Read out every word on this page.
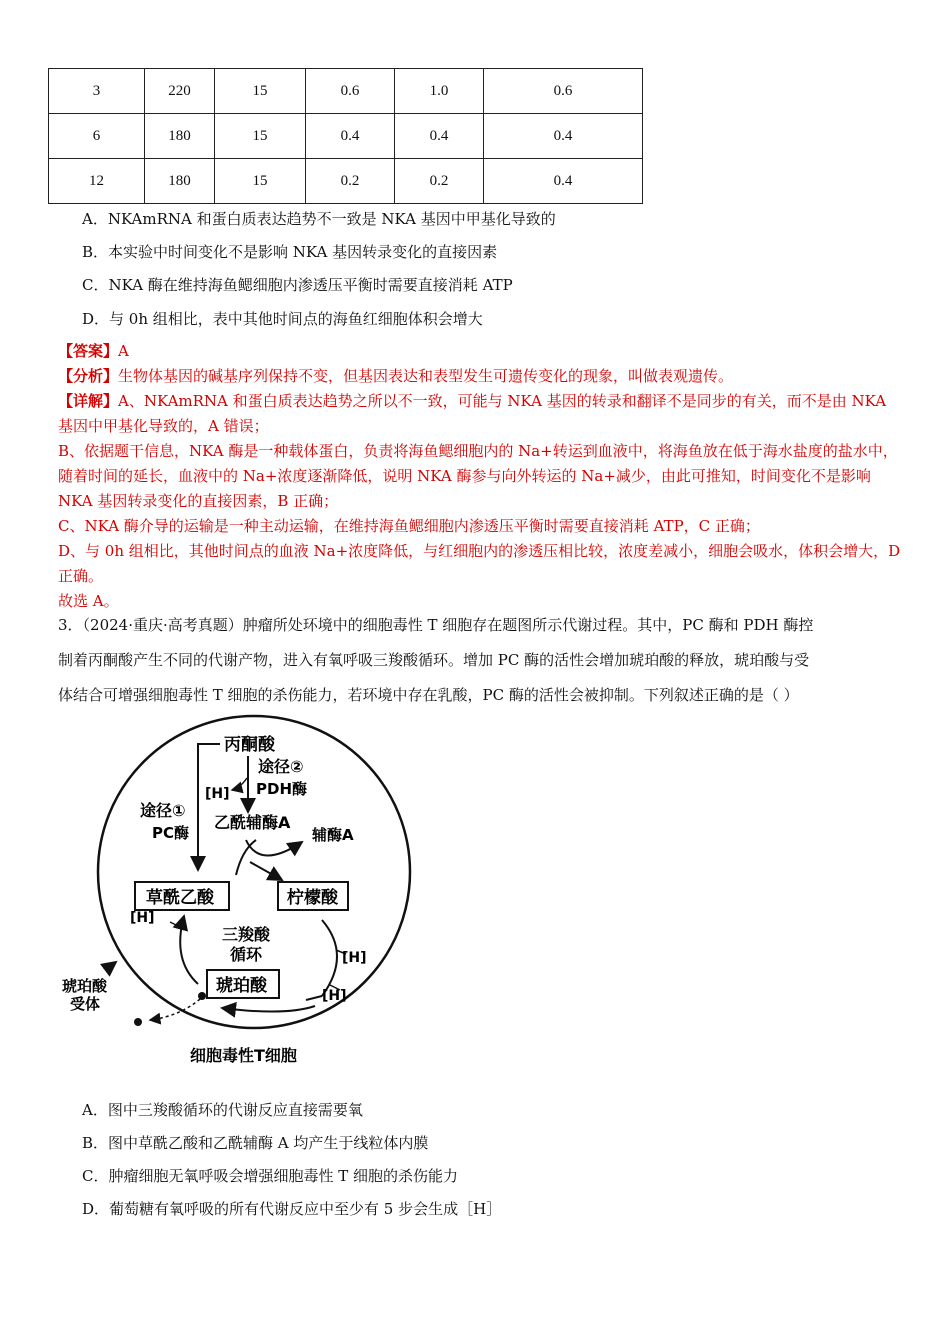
3	220	15	0.6	1.0	0.6
6	180	15	0.4	0.4	0.4
12	180	15	0.2	0.2	0.4
A．NKAmRNA 和蛋白质表达趋势不一致是 NKA 基因中甲基化导致的
B．本实验中时间变化不是影响 NKA 基因转录变化的直接因素
C．NKA 酶在维持海鱼鳃细胞内渗透压平衡时需要直接消耗 ATP
D．与 0h 组相比，表中其他时间点的海鱼红细胞体积会增大
【答案】A
【分析】生物体基因的碱基序列保持不变，但基因表达和表型发生可遗传变化的现象，叫做表观遗传。
【详解】A、NKAmRNA 和蛋白质表达趋势之所以不一致，可能与 NKA 基因的转录和翻译不是同步的有关，而不是由 NKA 基因中甲基化导致的，A 错误；
B、依据题干信息，NKA 酶是一种载体蛋白，负责将海鱼鳃细胞内的 Na+转运到血液中，将海鱼放在低于海水盐度的盐水中，随着时间的延长，血液中的 Na+浓度逐渐降低，说明 NKA 酶参与向外转运的 Na+减少，由此可推知，时间变化不是影响 NKA 基因转录变化的直接因素，B 正确；
C、NKA 酶介导的运输是一种主动运输，在维持海鱼鳃细胞内渗透压平衡时需要直接消耗 ATP，C 正确；
D、与 0h 组相比，其他时间点的血液 Na+浓度降低，与红细胞内的渗透压相比较，浓度差减小，细胞会吸水，体积会增大，D 正确。
故选 A。
3．（2024·重庆·高考真题）肿瘤所处环境中的细胞毒性 T 细胞存在题图所示代谢过程。其中，PC 酶和 PDH 酶控
制着丙酮酸产生不同的代谢产物，进入有氧呼吸三羧酸循环。增加 PC 酶的活性会增加琥珀酸的释放，琥珀酸与受
体结合可增强细胞毒性 T 细胞的杀伤能力，若环境中存在乳酸，PC 酶的活性会被抑制。下列叙述正确的是（ ）
丙酮酸
途径①
PC酶
途径②
PDH酶
[H]
乙酰辅酶A
辅酶A
草酰乙酸	柠檬酸
琥珀酸
[H]
[H]
[H]
三羧酸
循环
琥珀酸
受体
细胞毒性T细胞
A．图中三羧酸循环的代谢反应直接需要氧
B．图中草酰乙酸和乙酰辅酶 A 均产生于线粒体内膜
C．肿瘤细胞无氧呼吸会增强细胞毒性 T 细胞的杀伤能力
D．葡萄糖有氧呼吸的所有代谢反应中至少有 5 步会生成［H］
